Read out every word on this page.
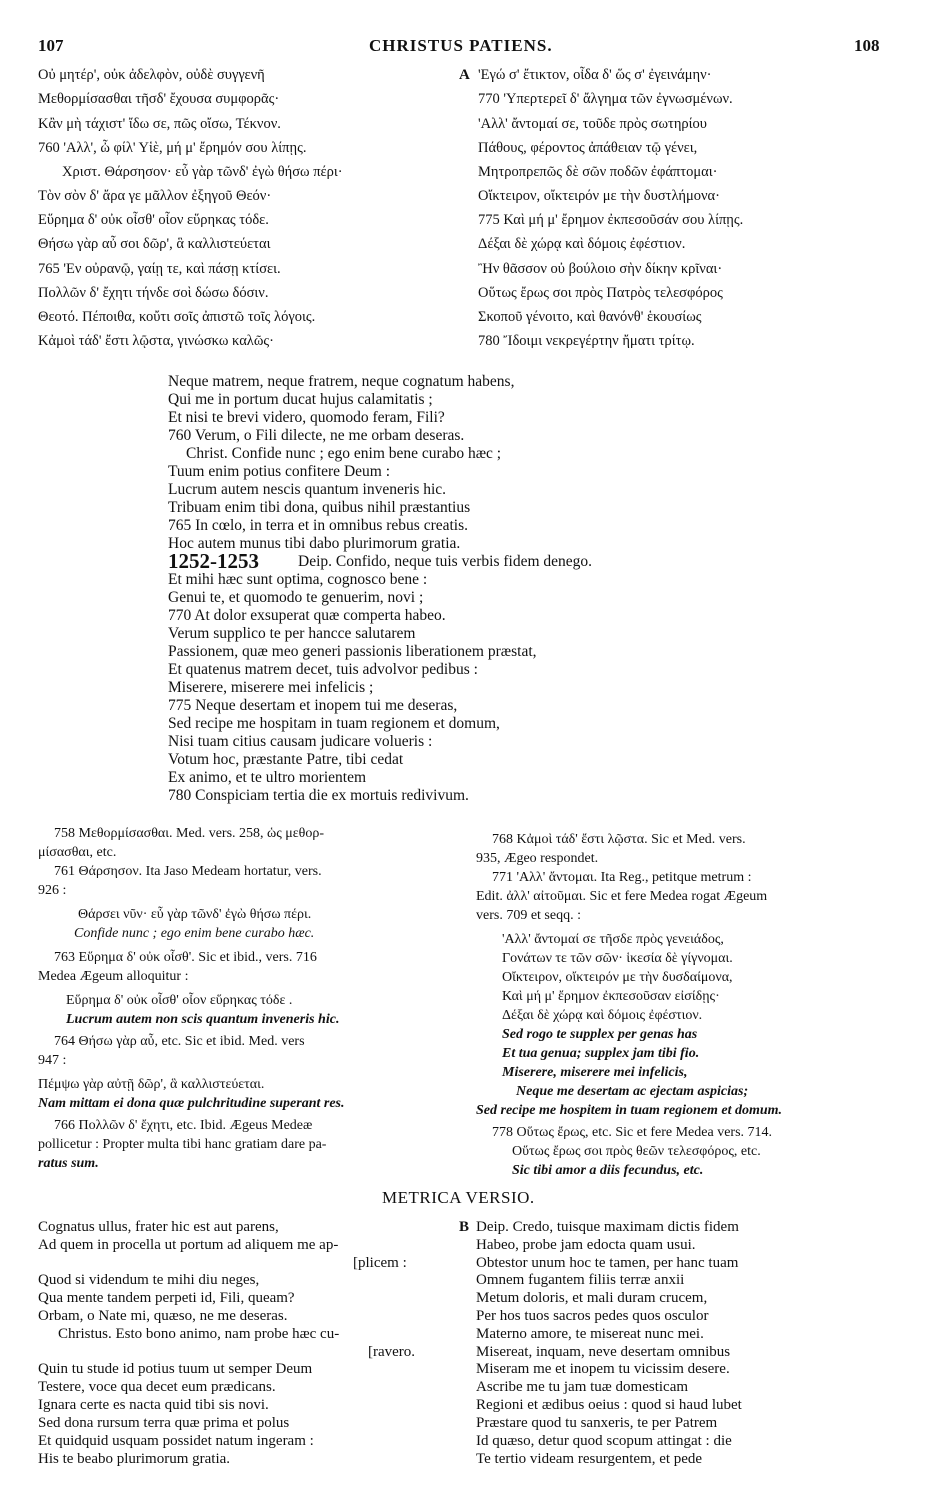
107	CHRISTUS PATIENS.	108
Οὐ μητέρ', οὐκ ἀδελφὸν, οὐδὲ συγγενῆ
Μεθορμίσασθαι τῆσδ' ἔχουσα συμφορᾶς·
Κἂν μὴ τάχιστ' ἴδω σε, πῶς οἴσω, Τέκνον.
760 'Αλλ', ὦ φίλ' Υἱὲ, μή μ' ἔρημόν σου λίπῃς.
Χριστ. Θάρσησον· εὖ γὰρ τῶνδ' ἐγὼ θήσω πέρι·
Τὸν σὸν δ' ἄρα γε μᾶλλον ἐξηγοῦ Θεόν·
Εὕρημα δ' οὐκ οἶσθ' οἷον εὕρηκας τόδε.
Θήσω γὰρ αὖ σοι δῶρ', ἃ καλλιστεύεται
765 'Εν οὐρανῷ, γαίῃ τε, καὶ πάσῃ κτίσει.
Πολλῶν δ' ἔχητι τήνδε σοὶ δώσω δόσιν.
Θεοτό. Πέποιθα, κοὔτι σοῖς ἀπιστῶ τοῖς λόγοις.
Κἀμοὶ τάδ' ἔστι λῷστα, γινώσκω καλῶς·
A 'Εγώ σ' ἔτικτον, οἶδα δ' ὥς σ' ἐγεινάμην·
770 'Υπερτερεῖ δ' ἄλγημα τῶν ἐγνωσμένων.
'Αλλ' ἄντομαί σε, τοῦδε πρὸς σωτηρίου
Πάθους, φέροντος ἀπάθειαν τῷ γένει,
Μητροπρεπῶς δὲ σῶν ποδῶν ἐφάπτομαι·
Οἴκτειρον, οἴκτειρόν με τὴν δυστλήμονα·
775 Καὶ μή μ' ἔρημον ἐκπεσοῦσάν σου λίπῃς.
Δέξαι δὲ χώρᾳ καὶ δόμοις ἐφέστιον.
Ἢν θᾶσσον οὐ βούλοιο σὴν δίκην κρῖναι·
Οὕτως ἔρως σοι πρὸς Πατρὸς τελεσφόρος
Σκοποῦ γένοιτο, καὶ θανόνθ' ἑκουσίως
780 Ἴδοιμι νεκρεγέρτην ἤματι τρίτῳ.
Neque matrem, neque fratrem, neque cognatum habens,
Qui me in portum ducat hujus calamitatis ;
Et nisi te brevi videro, quomodo feram, Fili?
760 Verum, o Fili dilecte, ne me orbam deseras.
Christ. Confide nunc ; ego enim bene curabo hæc ;
Tuum enim potius confitere Deum :
Lucrum autem nescis quantum inveneris hic.
Tribuam enim tibi dona, quibus nihil præstantius
765 In cœlo, in terra et in omnibus rebus creatis.
Hoc autem munus tibi dabo plurimorum gratia.
1252-1253	Deip. Confido, neque tuis verbis fidem denego.
Et mihi hæc sunt optima, cognosco bene :
Genui te, et quomodo te genuerim, novi ;
770 At dolor exsuperat quæ comperta habeo.
Verum supplico te per hancce salutarem
Passionem, quæ meo generi passionis liberationem præstat,
Et quatenus matrem decet, tuis advolvor pedibus :
Miserere, miserere mei infelicis ;
775 Neque desertam et inopem tui me deseras,
Sed recipe me hospitam in tuam regionem et domum,
Nisi tuam citius causam judicare volueris :
Votum hoc, præstante Patre, tibi cedat
Ex animo, et te ultro morientem
780 Conspiciam tertia die ex mortuis redivivum.
758 Μεθορμίσασθαι. Med. vers. 258, ὡς μεθορ-
μίσασθαι, etc.
761 Θάρσησον. Ita Jaso Medeam hortatur, vers.
926 :
Θάρσει νῦν· εὖ γὰρ τῶνδ' ἐγὼ θήσω πέρι.
Confide nunc ; ego enim bene curabo hæc.
763 Εὕρημα δ' οὐκ οἶσθ'. Sic et ibid., vers. 716
Medea Ægeum alloquitur :
Εὕρημα δ' οὐκ οἶσθ' οἷον εὕρηκας τόδε .
Lucrum autem non scis quantum inveneris hic.
764 Θήσω γὰρ αὖ, etc. Sic et ibid. Med. vers
947 :
Πέμψω γὰρ αὐτῇ δῶρ', ἃ καλλιστεύεται.
Nam mittam ei dona quæ pulchritudine superant res.
766 Πολλῶν δ' ἔχητι, etc. Ibid. Ægeus Medeæ
pollicetur : Propter multa tibi hanc gratiam dare pa-
ratus sum.
768 Κἀμοὶ τάδ' ἔστι λῷστα. Sic et Med. vers.
935, Ægeo respondet.
771 'Αλλ' ἄντομαι. Ita Reg., petitque metrum :
Edit. ἀλλ' αἰτοῦμαι. Sic et fere Medea rogat Ægeum
vers. 709 et seqq. :
'Αλλ' ἄντομαί σε τῆσδε πρὸς γενειάδος,
Γονάτων τε τῶν σῶν· ἱκεσία δὲ γίγνομαι.
Οἴκτειρον, οἴκτειρόν με τὴν δυσδαίμονα,
Καὶ μή μ' ἔρημον ἐκπεσοῦσαν εἰσίδῃς·
Δέξαι δὲ χώρᾳ καὶ δόμοις ἐφέστιον.
Sed rogo te supplex per genas has
Et tua genua; supplex jam tibi fio.
Miserere, miserere mei infelicis,
Neque me desertam ac ejectam aspicias;
Sed recipe me hospitem in tuam regionem et domum.
778 Οὕτως ἔρως, etc. Sic et fere Medea vers. 714.
Οὕτως ἔρως σοι πρὸς θεῶν τελεσφόρος, etc.
Sic tibi amor a diis fecundus, etc.
METRICA VERSIO.
Cognatus ullus, frater hic est aut parens,
Ad quem in procella ut portum ad aliquem me ap-
[plicem :
Quod si videndum te mihi diu neges,
Qua mente tandem perpeti id, Fili, queam?
Orbam, o Nate mi, quæso, ne me deseras.
Christus. Esto bono animo, nam probe hæc cu-
[ravero.
Quin tu stude id potius tuum ut semper Deum
Testere, voce qua decet eum prædicans.
Ignara certe es nacta quid tibi sis novi.
Sed dona rursum terra quæ prima et polus
Et quidquid usquam possidet natum ingeram :
His te beabo plurimorum gratia.
B Deip. Credo, tuisque maximam dictis fidem
Habeo, probe jam edocta quam usui.
Obtestor unum hoc te tamen, per hanc tuam
Omnem fugantem filiis terræ anxii
Metum doloris, et mali duram crucem,
Per hos tuos sacros pedes quos osculor
Materno amore, te misereat nunc mei.
Misereat, inquam, neve desertam omnibus
Miseram me et inopem tu vicissim desere.
Ascribe me tu jam tuæ domesticam
Regioni et ædibus oeius : quod si haud lubet
Præstare quod tu sanxeris, te per Patrem
Id quæso, detur quod scopum attingat : die
Te tertio videam resurgentem, et pede
